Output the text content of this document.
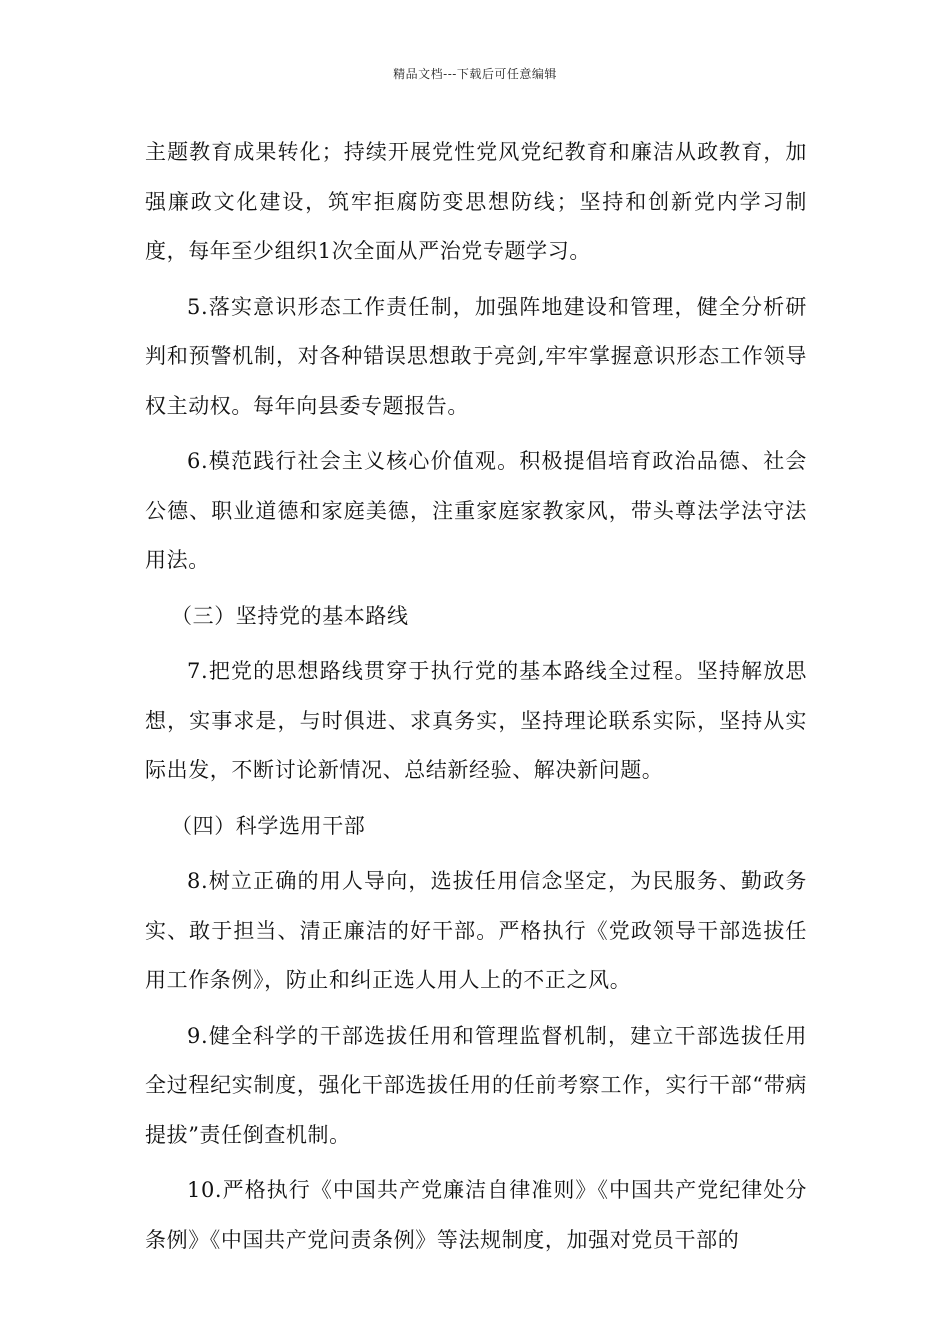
精品文档---下载后可任意编辑

主题教育成果转化；持续开展党性党风党纪教育和廉洁从政教育，加强廉政文化建设，筑牢拒腐防变思想防线；坚持和创新党内学习制度，每年至少组织1次全面从严治党专题学习。

5.落实意识形态工作责任制，加强阵地建设和管理，健全分析研判和预警机制，对各种错误思想敢于亮剑,牢牢掌握意识形态工作领导权主动权。每年向县委专题报告。

6.模范践行社会主义核心价值观。积极提倡培育政治品德、社会公德、职业道德和家庭美德，注重家庭家教家风，带头尊法学法守法用法。

（三）坚持党的基本路线

7.把党的思想路线贯穿于执行党的基本路线全过程。坚持解放思想，实事求是，与时俱进、求真务实，坚持理论联系实际，坚持从实际出发，不断讨论新情况、总结新经验、解决新问题。

（四）科学选用干部

8.树立正确的用人导向，选拔任用信念坚定，为民服务、勤政务实、敢于担当、清正廉洁的好干部。严格执行《党政领导干部选拔任用工作条例》，防止和纠正选人用人上的不正之风。

9.健全科学的干部选拔任用和管理监督机制，建立干部选拔任用全过程纪实制度，强化干部选拔任用的任前考察工作，实行干部“带病提拔”责任倒查机制。

10.严格执行《中国共产党廉洁自律准则》《中国共产党纪律处分条例》《中国共产党问责条例》等法规制度，加强对党员干部的
